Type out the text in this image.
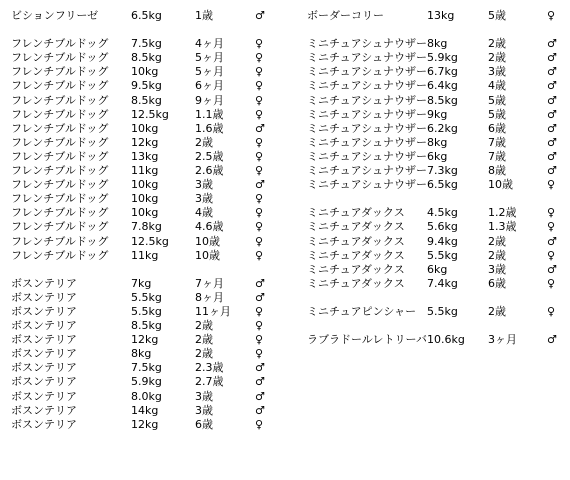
ビションフリーゼ	6.5kg	1歳	♂
フレンチブルドッグ 7.5kg	4ヶ月	♀
フレンチブルドッグ 8.5kg	5ヶ月	♀
フレンチブルドッグ 10kg	5ヶ月	♀
フレンチブルドッグ 9.5kg	6ヶ月	♀
フレンチブルドッグ 8.5kg	9ヶ月	♀
フレンチブルドッグ 12.5kg 1.1歳	♀
フレンチブルドッグ 10kg	1.6歳	♂
フレンチブルドッグ 12kg	2歳	♀
フレンチブルドッグ 13kg	2.5歳	♀
フレンチブルドッグ 11kg	2.6歳	♀
フレンチブルドッグ 10kg	3歳	♂
フレンチブルドッグ 10kg	3歳	♀
フレンチブルドッグ 10kg	4歳	♀
フレンチブルドッグ 7.8kg	4.6歳	♀
フレンチブルドッグ 12.5kg 10歳	♀
フレンチブルドッグ 11kg	10歳	♀
ボスンテリア	7kg	7ヶ月	♂
ボスンテリア	5.5kg	8ヶ月	♂
ボスンテリア	5.5kg	11ヶ月 ♀
ボスンテリア	8.5kg	2歳	♀
ボスンテリア	12kg	2歳	♀
ボスンテリア	8kg	2歳	♀
ボスンテリア	7.5kg	2.3歳	♂
ボスンテリア	5.9kg	2.7歳	♂
ボスンテリア	8.0kg	3歳	♂
ボスンテリア	14kg	3歳	♂
ボスンテリア	12kg	6歳	♀
ボーダーコリー	13kg	5歳	♀
ミニチュアシュナウザー 8kg	2歳	♂
ミニチュアシュナウザー 5.9kg	2歳	♂
ミニチュアシュナウザー 6.7kg	3歳	♂
ミニチュアシュナウザー 6.4kg	4歳	♂
ミニチュアシュナウザー 8.5kg	5歳	♂
ミニチュアシュナウザー 9kg	5歳	♂
ミニチュアシュナウザー 6.2kg	6歳	♂
ミニチュアシュナウザー 8kg	7歳	♂
ミニチュアシュナウザー 6kg	7歳	♂
ミニチュアシュナウザー 7.3kg	8歳	♂
ミニチュアシュナウザー 6.5kg	10歳	♀
ミニチュアダックス 4.5kg	1.2歳	♀
ミニチュアダックス 5.6kg	1.3歳	♀
ミニチュアダックス 9.4kg	2歳	♂
ミニチュアダックス 5.5kg	2歳	♀
ミニチュアダックス 6kg	3歳	♂
ミニチュアダックス 7.4kg	6歳	♀
ミニチュアピンシャー 5.5kg	2歳	♀
ラブラドールレトリーバ 10.6kg 3ヶ月	♂
